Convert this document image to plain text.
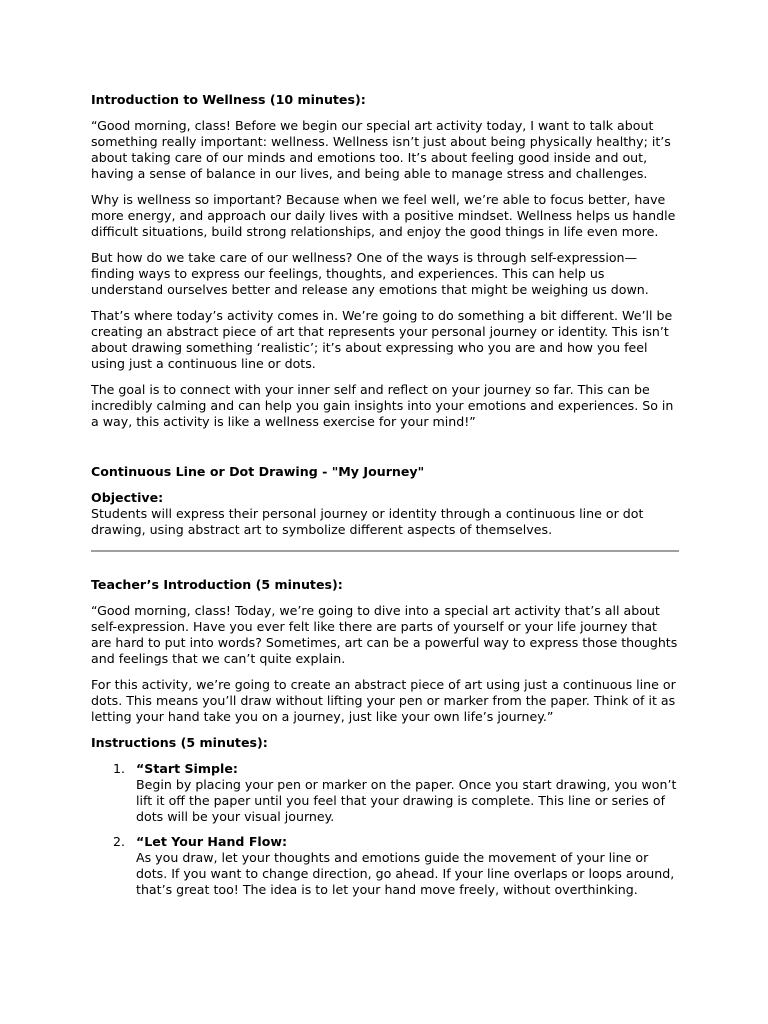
Introduction to Wellness (10 minutes):

“Good morning, class! Before we begin our special art activity today, I want to talk about something really important: wellness. Wellness isn’t just about being physically healthy; it’s about taking care of our minds and emotions too. It’s about feeling good inside and out, having a sense of balance in our lives, and being able to manage stress and challenges.

Why is wellness so important? Because when we feel well, we’re able to focus better, have more energy, and approach our daily lives with a positive mindset. Wellness helps us handle difficult situations, build strong relationships, and enjoy the good things in life even more.

But how do we take care of our wellness? One of the ways is through self-expression—finding ways to express our feelings, thoughts, and experiences. This can help us understand ourselves better and release any emotions that might be weighing us down.

That’s where today’s activity comes in. We’re going to do something a bit different. We’ll be creating an abstract piece of art that represents your personal journey or identity. This isn’t about drawing something ‘realistic’; it’s about expressing who you are and how you feel using just a continuous line or dots.

The goal is to connect with your inner self and reflect on your journey so far. This can be incredibly calming and can help you gain insights into your emotions and experiences. So in a way, this activity is like a wellness exercise for your mind!”

Continuous Line or Dot Drawing - "My Journey"

Objective:

Students will express their personal journey or identity through a continuous line or dot drawing, using abstract art to symbolize different aspects of themselves.

Teacher’s Introduction (5 minutes):

“Good morning, class! Today, we’re going to dive into a special art activity that’s all about self-expression. Have you ever felt like there are parts of yourself or your life journey that are hard to put into words? Sometimes, art can be a powerful way to express those thoughts and feelings that we can’t quite explain.

For this activity, we’re going to create an abstract piece of art using just a continuous line or dots. This means you’ll draw without lifting your pen or marker from the paper. Think of it as letting your hand take you on a journey, just like your own life’s journey.”

Instructions (5 minutes):

1. “Start Simple:
Begin by placing your pen or marker on the paper. Once you start drawing, you won’t lift it off the paper until you feel that your drawing is complete. This line or series of dots will be your visual journey.
2. “Let Your Hand Flow:
As you draw, let your thoughts and emotions guide the movement of your line or dots. If you want to change direction, go ahead. If your line overlaps or loops around, that’s great too! The idea is to let your hand move freely, without overthinking.
